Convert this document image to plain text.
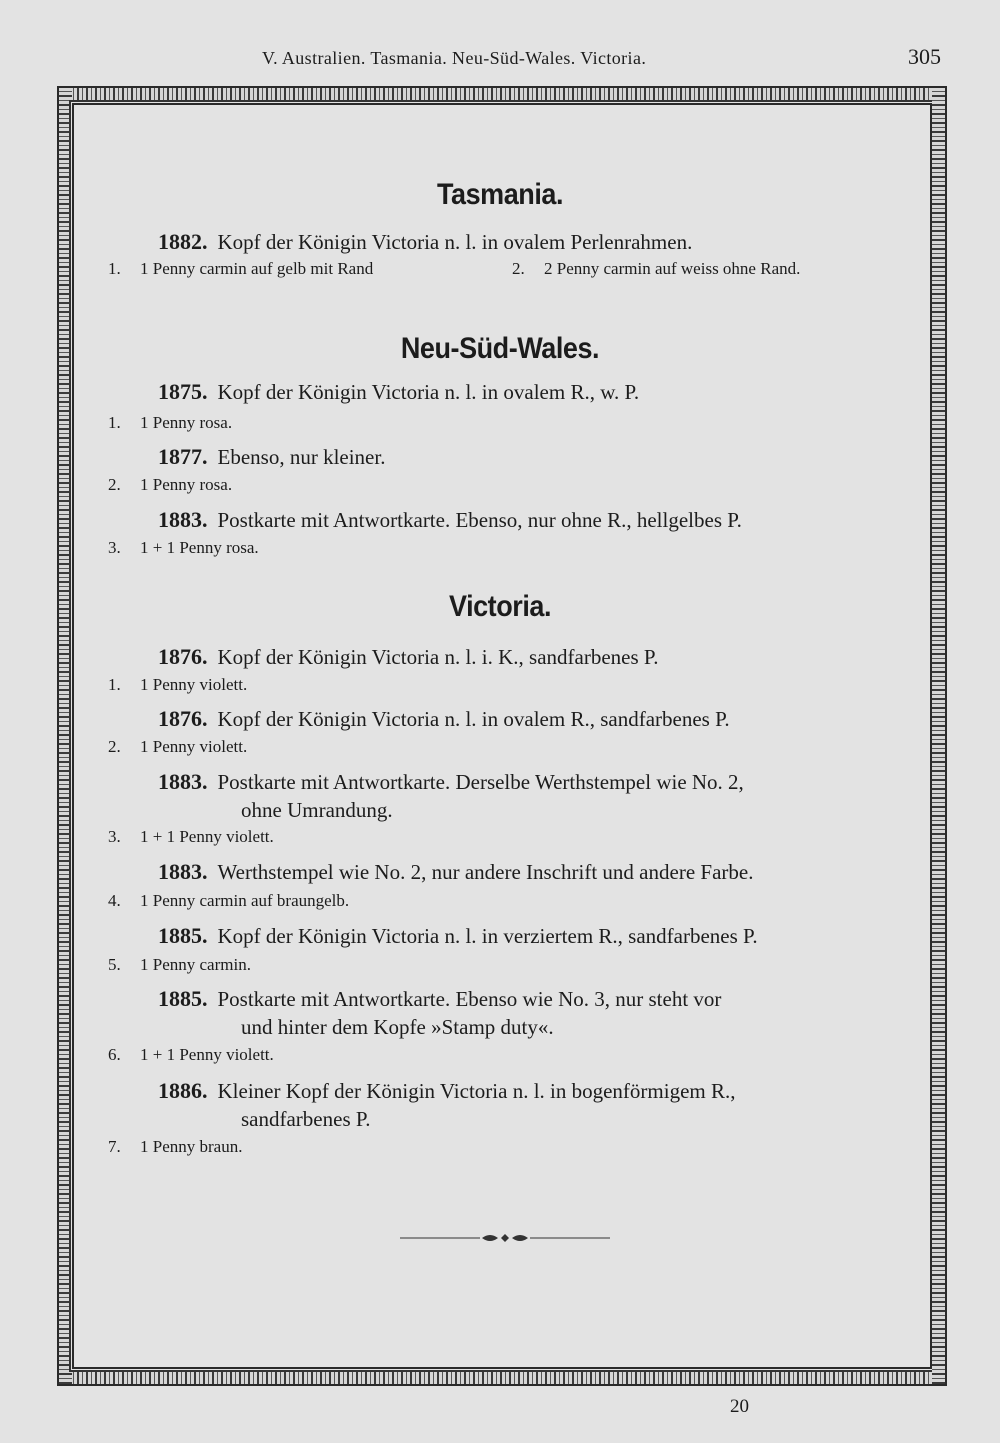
V. Australien. Tasmania. Neu-Süd-Wales. Victoria.	305
Tasmania.
1882. Kopf der Königin Victoria n. l. in ovalem Perlenrahmen.
1. 1 Penny carmin auf gelb mit Rand	2. 2 Penny carmin auf weiss ohne Rand.
Neu-Süd-Wales.
1875. Kopf der Königin Victoria n. l. in ovalem R., w. P.
1. 1 Penny rosa.
1877. Ebenso, nur kleiner.
2. 1 Penny rosa.
1883. Postkarte mit Antwortkarte. Ebenso, nur ohne R., hellgelbes P.
3. 1 + 1 Penny rosa.
Victoria.
1876. Kopf der Königin Victoria n. l. i. K., sandfarbenes P.
1. 1 Penny violett.
1876. Kopf der Königin Victoria n. l. in ovalem R., sandfarbenes P.
2. 1 Penny violett.
1883. Postkarte mit Antwortkarte. Derselbe Werthstempel wie No. 2,
ohne Umrandung.
3. 1 + 1 Penny violett.
1883. Werthstempel wie No. 2, nur andere Inschrift und andere Farbe.
4. 1 Penny carmin auf braungelb.
1885. Kopf der Königin Victoria n. l. in verziertem R., sandfarbenes P.
5. 1 Penny carmin.
1885. Postkarte mit Antwortkarte. Ebenso wie No. 3, nur steht vor
und hinter dem Kopfe »Stamp duty«.
6. 1 + 1 Penny violett.
1886. Kleiner Kopf der Königin Victoria n. l. in bogenförmigem R.,
sandfarbenes P.
7. 1 Penny braun.
20
